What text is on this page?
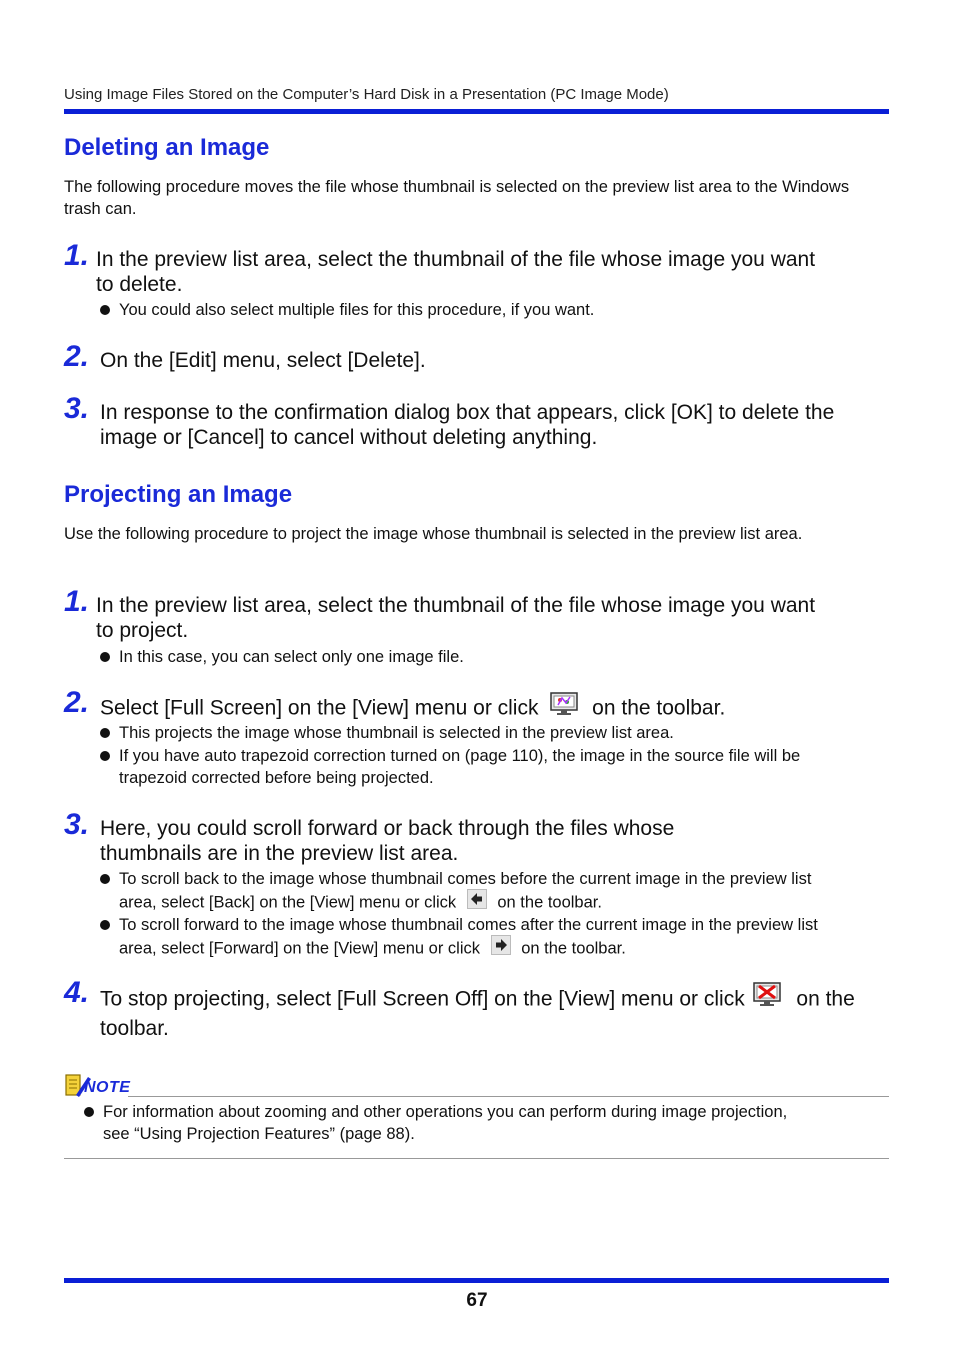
Using Image Files Stored on the Computer’s Hard Disk in a Presentation (PC Image Mode)
Deleting an Image
The following procedure moves the file whose thumbnail is selected on the preview list area to the Windows trash can.
1. In the preview list area, select the thumbnail of the file whose image you want to delete.
You could also select multiple files for this procedure, if you want.
2. On the [Edit] menu, select [Delete].
3. In response to the confirmation dialog box that appears, click [OK] to delete the image or [Cancel] to cancel without deleting anything.
Projecting an Image
Use the following procedure to project the image whose thumbnail is selected in the preview list area.
1. In the preview list area, select the thumbnail of the file whose image you want to project.
In this case, you can select only one image file.
2. Select [Full Screen] on the [View] menu or click	on the toolbar.
This projects the image whose thumbnail is selected in the preview list area.
If you have auto trapezoid correction turned on (page 110), the image in the source file will be trapezoid corrected before being projected.
3. Here, you could scroll forward or back through the files whose thumbnails are in the preview list area.
To scroll back to the image whose thumbnail comes before the current image in the preview list area, select [Back] on the [View] menu or click on the toolbar.
To scroll forward to the image whose thumbnail comes after the current image in the preview list area, select [Forward] on the [View] menu or click on the toolbar.
4. To stop projecting, select [Full Screen Off] on the [View] menu or click on the toolbar.
NOTE
For information about zooming and other operations you can perform during image projection, see “Using Projection Features” (page 88).
67
